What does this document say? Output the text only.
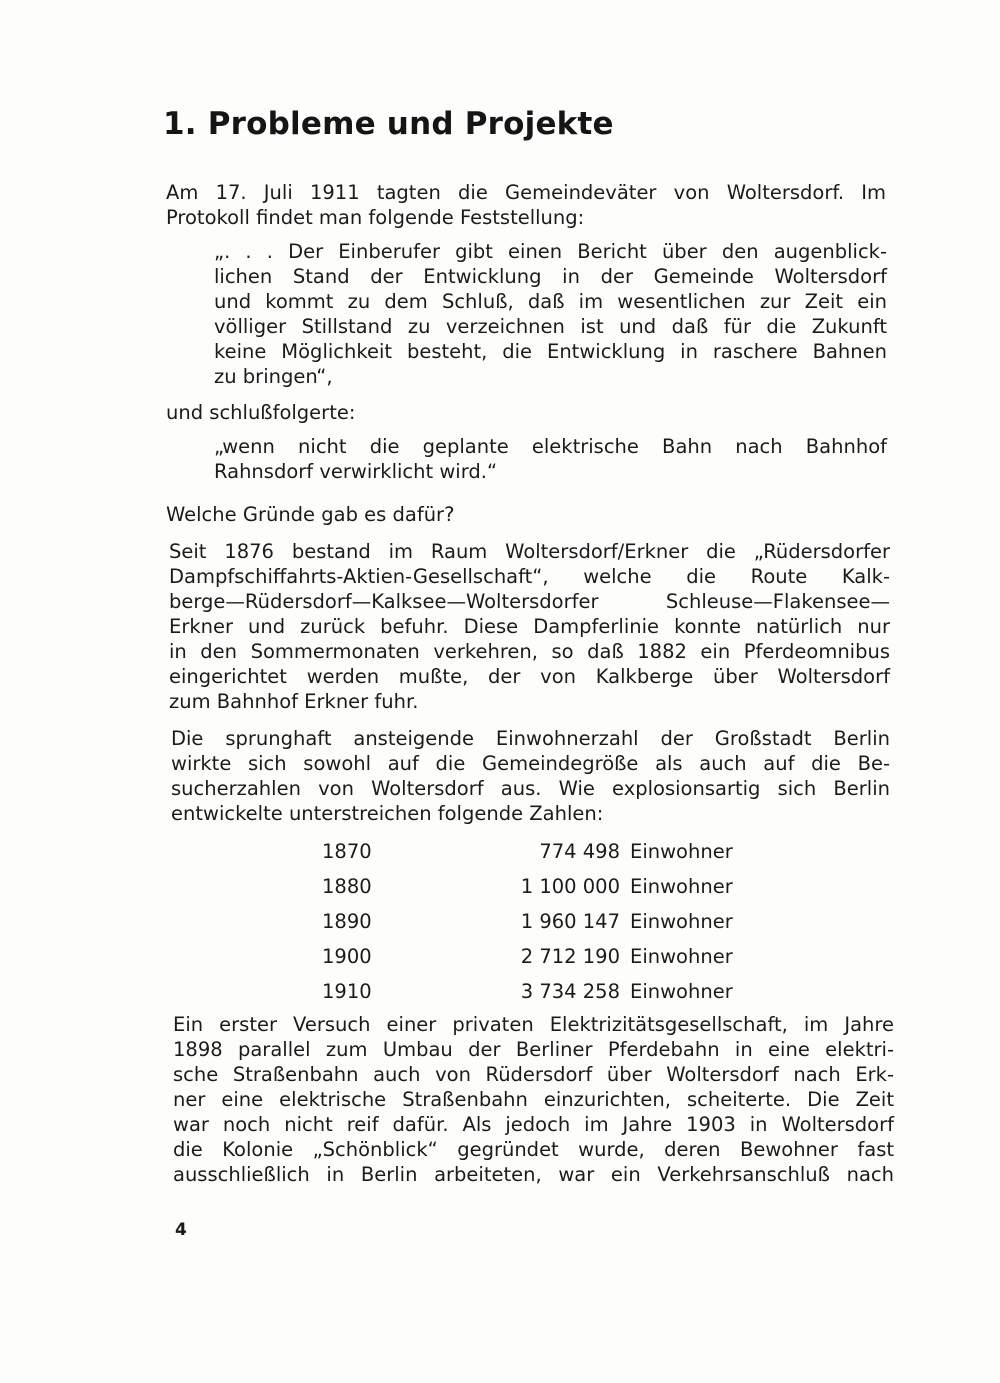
1. Probleme und Projekte
Am 17. Juli 1911 tagten die Gemeindeväter von Woltersdorf. Im
Protokoll findet man folgende Feststellung:
„. . . Der Einberufer gibt einen Bericht über den augenblick-
lichen Stand der Entwicklung in der Gemeinde Woltersdorf
und kommt zu dem Schluß, daß im wesentlichen zur Zeit ein
völliger Stillstand zu verzeichnen ist und daß für die Zukunft
keine Möglichkeit besteht, die Entwicklung in raschere Bahnen
zu bringen“,
und schlußfolgerte:
„wenn nicht die geplante elektrische Bahn nach Bahnhof
Rahnsdorf verwirklicht wird.“
Welche Gründe gab es dafür?
Seit 1876 bestand im Raum Woltersdorf/Erkner die „Rüdersdorfer
Dampfschiffahrts-Aktien-Gesellschaft“, welche die Route Kalk-
berge—Rüdersdorf—Kalksee—Woltersdorfer Schleuse—Flakensee—
Erkner und zurück befuhr. Diese Dampferlinie konnte natürlich nur
in den Sommermonaten verkehren, so daß 1882 ein Pferdeomnibus
eingerichtet werden mußte, der von Kalkberge über Woltersdorf
zum Bahnhof Erkner fuhr.
Die sprunghaft ansteigende Einwohnerzahl der Großstadt Berlin
wirkte sich sowohl auf die Gemeindegröße als auch auf die Be-
sucherzahlen von Woltersdorf aus. Wie explosionsartig sich Berlin
entwickelte unterstreichen folgende Zahlen:
1870	774 498	Einwohner
1880	1 100 000	Einwohner
1890	1 960 147	Einwohner
1900	2 712 190	Einwohner
1910	3 734 258	Einwohner
Ein erster Versuch einer privaten Elektrizitätsgesellschaft, im Jahre
1898 parallel zum Umbau der Berliner Pferdebahn in eine elektri-
sche Straßenbahn auch von Rüdersdorf über Woltersdorf nach Erk-
ner eine elektrische Straßenbahn einzurichten, scheiterte. Die Zeit
war noch nicht reif dafür. Als jedoch im Jahre 1903 in Woltersdorf
die Kolonie „Schönblick“ gegründet wurde, deren Bewohner fast
ausschließlich in Berlin arbeiteten, war ein Verkehrsanschluß nach
4
